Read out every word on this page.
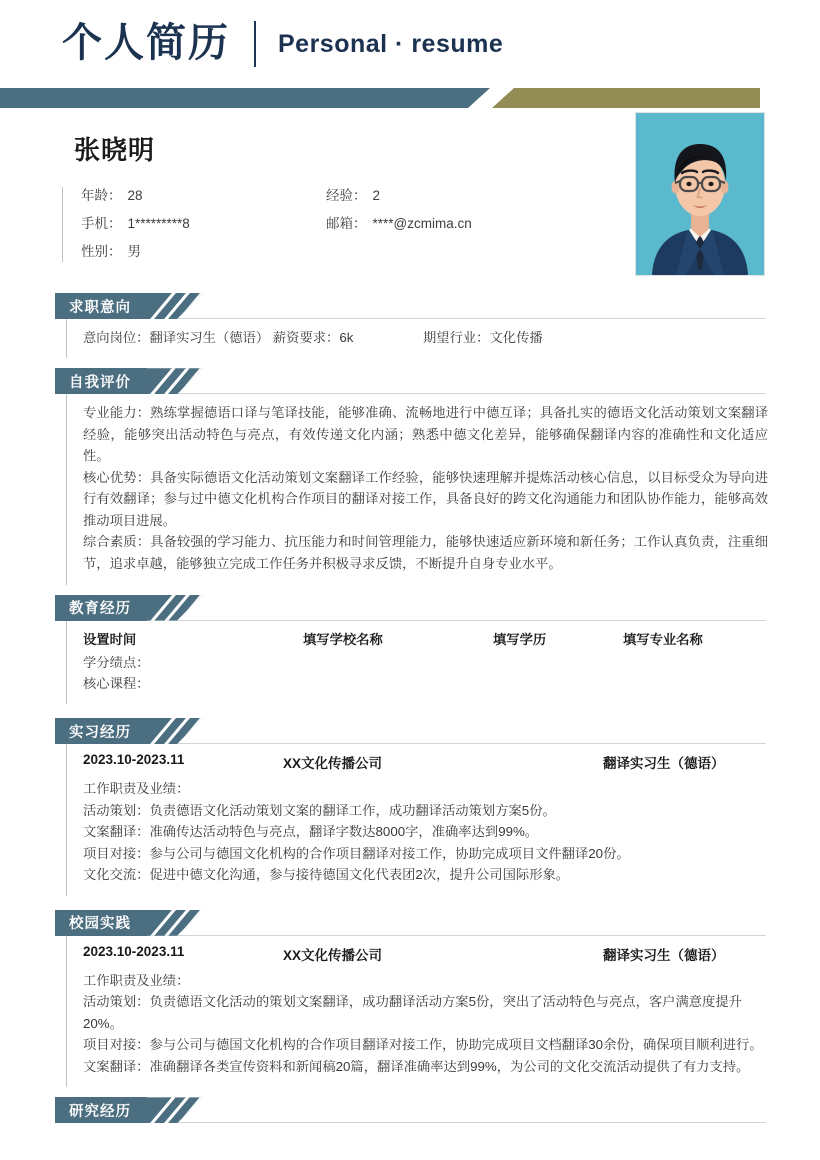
个人简历 Personal · resume
张晓明
年龄： 28	经验： 2
手机： 1*********8	邮箱： ****@zcmima.cn
性别： 男

求职意向
意向岗位：翻译实习生（德语） 薪资要求：6k	期望行业：文化传播
自我评价

专业能力：熟练掌握德语口译与笔译技能，能够准确、流畅地进行中德互译；具备扎实的德语文化活动策划文案翻译经验，能够突出活动特色与亮点，有效传递文化内涵；熟悉中德文化差异，能够确保翻译内容的准确性和文化适应性。

核心优势：具备实际德语文化活动策划文案翻译工作经验，能够快速理解并提炼活动核心信息，以目标受众为导向进行有效翻译；参与过中德文化机构合作项目的翻译对接工作，具备良好的跨文化沟通能力和团队协作能力，能够高效推动项目进展。

综合素质：具备较强的学习能力、抗压能力和时间管理能力，能够快速适应新环境和新任务；工作认真负责，注重细节，追求卓越，能够独立完成工作任务并积极寻求反馈，不断提升自身专业水平。

教育经历
设置时间	填写学校名称	填写学历	填写专业名称
学分绩点：
核心课程：
实习经历
2023.10-2023.11	XX文化传播公司	翻译实习生（德语）
工作职责及业绩：
活动策划：负责德语文化活动策划文案的翻译工作，成功翻译活动策划方案5份。
文案翻译：准确传达活动特色与亮点，翻译字数达8000字，准确率达到99%。
项目对接：参与公司与德国文化机构的合作项目翻译对接工作，协助完成项目文件翻译20份。
文化交流：促进中德文化沟通，参与接待德国文化代表团2次，提升公司国际形象。
校园实践
2023.10-2023.11	XX文化传播公司	翻译实习生（德语）
工作职责及业绩：
活动策划：负责德语文化活动的策划文案翻译，成功翻译活动方案5份，突出了活动特色与亮点，客户满意度提升20%。
项目对接：参与公司与德国文化机构的合作项目翻译对接工作，协助完成项目文档翻译30余份，确保项目顺利进行。
文案翻译：准确翻译各类宣传资料和新闻稿20篇，翻译准确率达到99%，为公司的文化交流活动提供了有力支持。
研究经历
